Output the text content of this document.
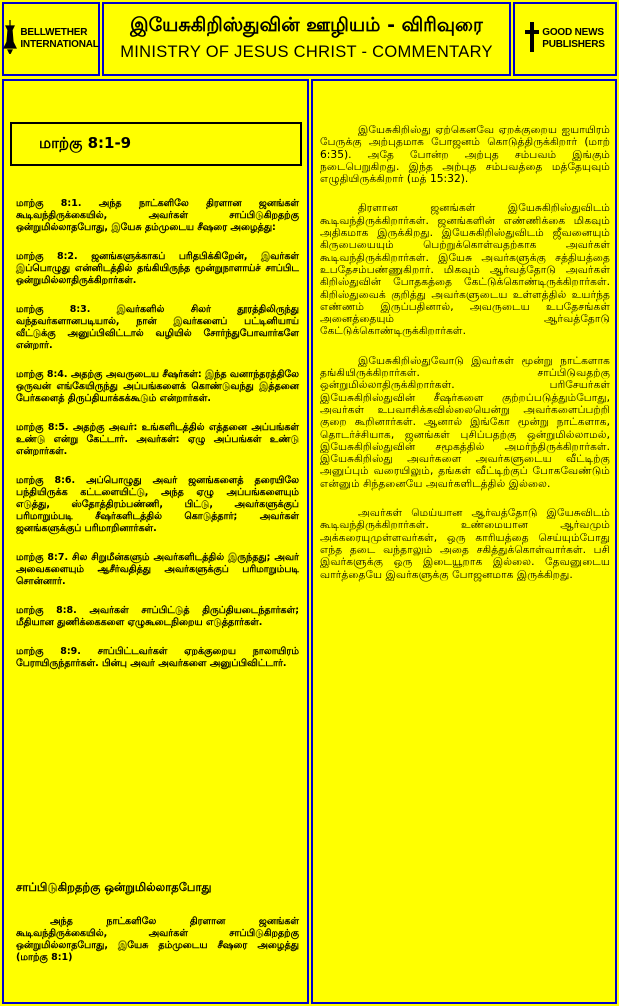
BELLWETHER
INTERNATIONAL
இயேசுகிறிஸ்துவின் ஊழியம் - விரிவுரை
MINISTRY OF JESUS CHRIST - COMMENTARY
GOOD NEWS
PUBLISHERS
மாற்கு 8:1-9

மாற்கு 8:1. அந்த நாட்களிலே திரளான ஜனங்கள் கூடிவந்திருக்கையில், அவர்கள் சாப்பிடுகிறதற்கு ஒன்றுமில்லாதபோது, இயேசு தம்முடைய சீஷரை அழைத்து:

மாற்கு 8:2. ஜனங்களுக்காகப் பரிதபிக்கிறேன், இவர்கள் இப்பொழுது என்னிடத்தில் தங்கியிருந்த மூன்றுநாளாய்ச் சாப்பிட ஒன்றுமில்லாதிருக்கிறார்கள்.

மாற்கு 8:3. இவர்களில் சிலர் தூரத்திலிருந்து வந்தவர்களானபடியால், நான் இவர்களைப் பட்டினியாய் வீட்டுக்கு அனுப்பிவிட்டால் வழியில் சோர்ந்துபோவார்களே என்றார்.

மாற்கு 8:4. அதற்கு அவருடைய சீஷர்கள்: இந்த வனாந்தரத்திலே ஒருவன் எங்கேயிருந்து அப்பங்களைக் கொண்டுவந்து இத்தனை பேர்களைத் திருப்தியாக்கக்கூடும் என்றார்கள்.

மாற்கு 8:5. அதற்கு அவர்: உங்களிடத்தில் எத்தனை அப்பங்கள் உண்டு என்று கேட்டார். அவர்கள்: ஏழு அப்பங்கள் உண்டு என்றார்கள்.

மாற்கு 8:6. அப்பொழுது அவர் ஜனங்களைத் தரையிலே பந்தியிருக்க கட்டளையிட்டு, அந்த ஏழு அப்பங்களையும் எடுத்து, ஸ்தோத்திரம்பண்ணி, பிட்டு, அவர்களுக்குப் பரிமாறும்படி சீஷர்களிடத்தில் கொடுத்தார்; அவர்கள் ஜனங்களுக்குப் பரிமாறினார்கள்.

மாற்கு 8:7. சில சிறுமீன்களும் அவர்களிடத்தில் இருந்தது; அவர் அவைகளையும் ஆசீர்வதித்து அவர்களுக்குப் பரிமாறும்படி சொன்னார்.

மாற்கு 8:8. அவர்கள் சாப்பிட்டுத் திருப்தியடைந்தார்கள்; மீதியான துணிக்கைகளை ஏழுகூடைநிறைய எடுத்தார்கள்.

மாற்கு 8:9. சாப்பிட்டவர்கள் ஏறக்குறைய நாலாயிரம் பேராயிருந்தார்கள். பின்பு அவர் அவர்களை அனுப்பிவிட்டார்.

சாப்பிடுகிறதற்கு ஒன்றுமில்லாதபோது

அந்த நாட்களிலே திரளான ஜனங்கள் கூடிவந்திருக்கையில், அவர்கள் சாப்பிடுகிறதற்கு ஒன்றுமில்லாதபோது, இயேசு தம்முடைய சீஷரை அழைத்து (மாற்கு 8:1)

இயேசுகிறிஸ்து ஏற்கெனவே ஏறக்குறைய ஐயாயிரம் பேருக்கு அற்புதமாக போஜனம் கொடுத்திருக்கிறார் (மாற் 6:35). அதே போன்ற அற்புத சம்பவம் இங்கும் நடைபெறுகிறது. இந்த அற்புத சம்பவத்தை மத்தேயுவும் எழுதியிருக்கிறார் (மத் 15:32).

திரளான ஜனங்கள் இயேசுகிறிஸ்துவிடம் கூடிவந்திருக்கிறார்கள். ஜனங்களின் எண்ணிக்கை மிகவும் அதிகமாக இருக்கிறது. இயேசுகிறிஸ்துவிடம் ஜீவனையும் கிருபையையும் பெற்றுக்கொள்வதற்காக அவர்கள் கூடிவந்திருக்கிறார்கள். இயேசு அவர்களுக்கு சத்தியத்தை உபதேசம்பண்ணுகிறார். மிகவும் ஆர்வத்தோடு அவர்கள் கிறிஸ்துவின் போதகத்தை கேட்டுக்கொண்டிருக்கிறார்கள். கிறிஸ்துவைக் குறித்து அவர்களுடைய உள்ளத்தில் உயர்ந்த எண்ணம் இருப்பதினால், அவருடைய உபதேசங்கள் அனைத்தையும் ஆர்வத்தோடு கேட்டுக்கொண்டிருக்கிறார்கள்.

இயேசுகிறிஸ்துவோடு இவர்கள் மூன்று நாட்களாக தங்கியிருக்கிறார்கள். சாப்பிடுவதற்கு ஒன்றுமில்லாதிருக்கிறார்கள். பரிசேயர்கள் இயேசுகிறிஸ்துவின் சீஷர்களை குற்றப்படுத்தும்போது, அவர்கள் உபவாசிக்கவில்லையென்று அவர்களைப்பற்றி குறை கூறினார்கள். ஆனால் இங்கோ மூன்று நாட்களாக, தொடர்ச்சியாக, ஜனங்கள் புசிப்பதற்கு ஒன்றுமில்லாமல், இயேசுகிறிஸ்துவின் சமூகத்தில் அமர்ந்திருக்கிறார்கள். இயேசுகிறிஸ்து அவர்களை அவர்களுடைய வீட்டிற்கு அனுப்பும் வரையிலும், தங்கள் வீட்டிற்குப் போகவேண்டும் என்னும் சிந்தனையே அவர்களிடத்தில் இல்லை.

அவர்கள் மெய்யான ஆர்வத்தோடு இயேசுவிடம் கூடிவந்திருக்கிறார்கள். உண்மையான ஆர்வமும் அக்கரையுமுள்ளவர்கள், ஒரு காரியத்தை செய்யும்போது எந்த தடை வந்தாலும் அதை சகித்துக்கொள்வார்கள். பசி இவர்களுக்கு ஒரு இடையூறாக இல்லை. தேவனுடைய வார்த்தையே இவர்களுக்கு போஜனமாக இருக்கிறது.
